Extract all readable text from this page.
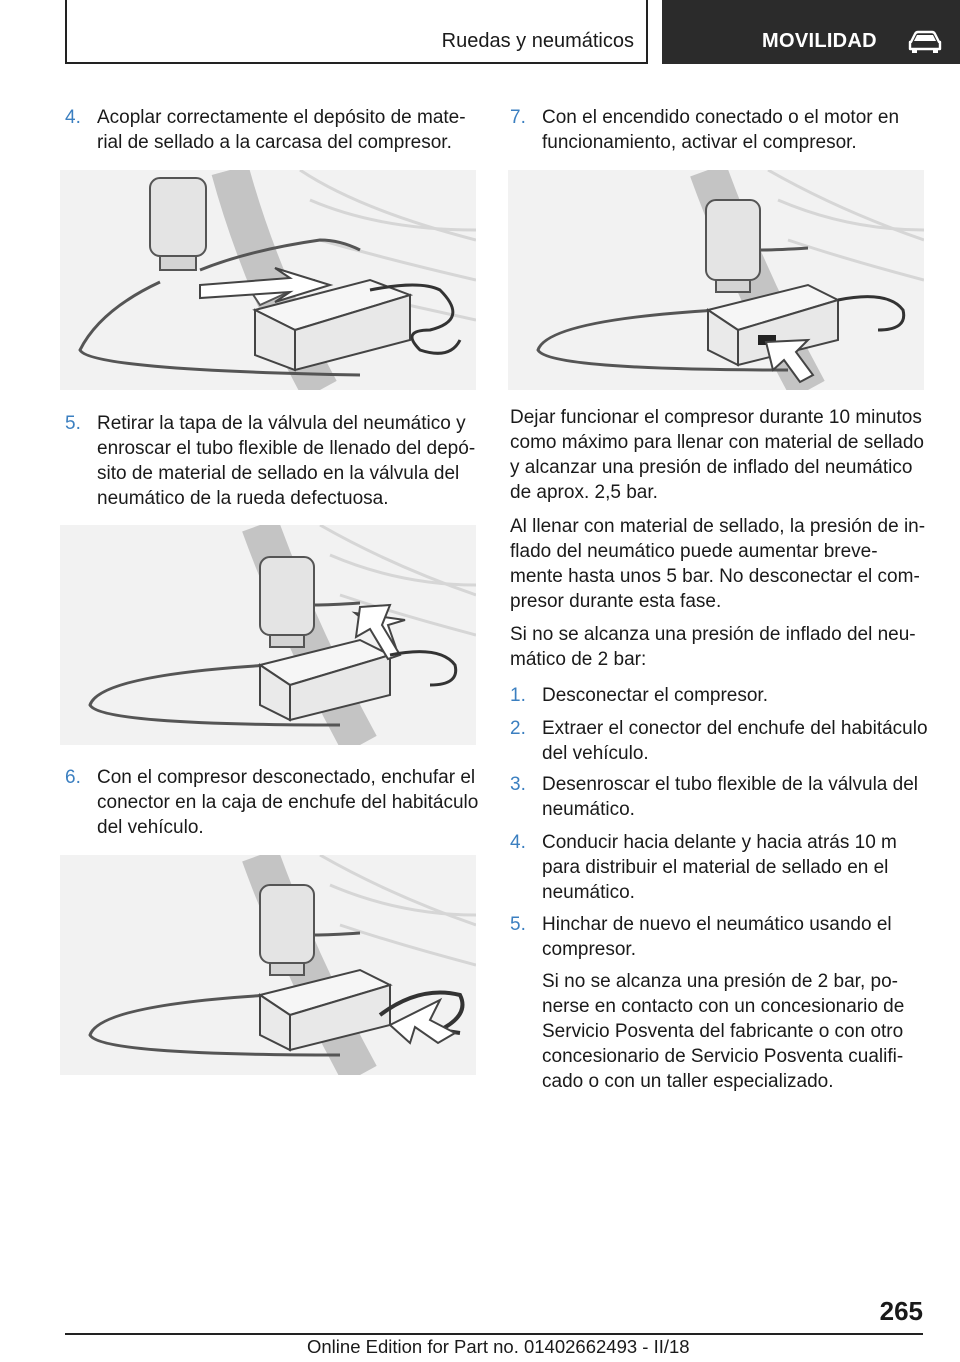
Ruedas y neumáticos	MOVILIDAD
4. Acoplar correctamente el depósito de mate‐
rial de sellado a la carcasa del compresor.
5. Retirar la tapa de la válvula del neumático y
enroscar el tubo flexible de llenado del depó‐
sito de material de sellado en la válvula del
neumático de la rueda defectuosa.
6. Con el compresor desconectado, enchufar el
conector en la caja de enchufe del habitáculo
del vehículo.
7. Con el encendido conectado o el motor en
funcionamiento, activar el compresor.
Dejar funcionar el compresor durante 10 minutos
como máximo para llenar con material de sellado
y alcanzar una presión de inflado del neumático
de aprox. 2,5 bar.
Al llenar con material de sellado, la presión de in‐
flado del neumático puede aumentar breve‐
mente hasta unos 5 bar. No desconectar el com‐
presor durante esta fase.
Si no se alcanza una presión de inflado del neu‐
mático de 2 bar:
1. Desconectar el compresor.
2. Extraer el conector del enchufe del habitáculo
del vehículo.
3. Desenroscar el tubo flexible de la válvula del
neumático.
4. Conducir hacia delante y hacia atrás 10 m
para distribuir el material de sellado en el
neumático.
5. Hinchar de nuevo el neumático usando el
compresor.
Si no se alcanza una presión de 2 bar, po‐
nerse en contacto con un concesionario de
Servicio Posventa del fabricante o con otro
concesionario de Servicio Posventa cualifi‐
cado o con un taller especializado.
265
Online Edition for Part no. 01402662493 - II/18
